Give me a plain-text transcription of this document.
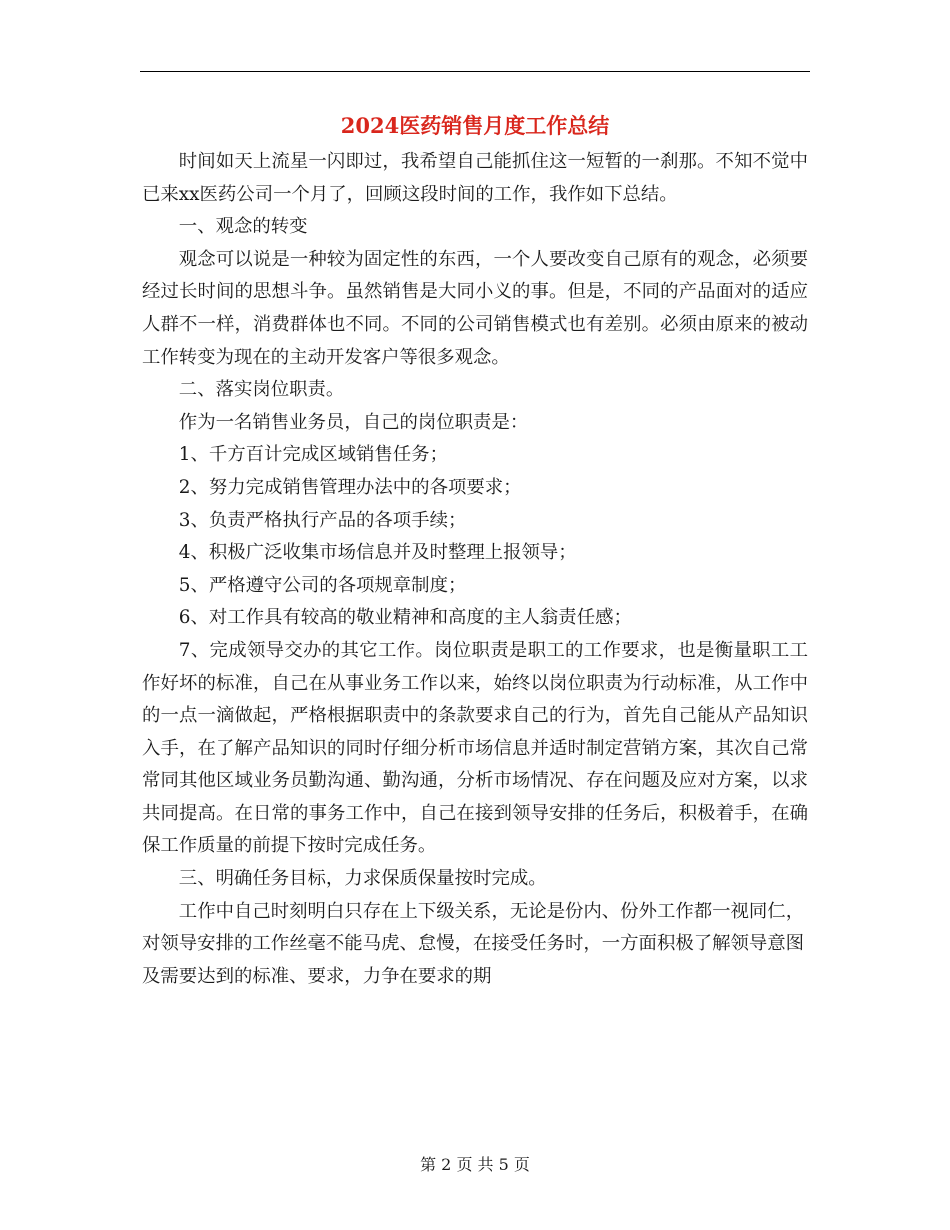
2024医药销售月度工作总结

时间如天上流星一闪即过，我希望自己能抓住这一短暂的一刹那。不知不觉中已来xx医药公司一个月了，回顾这段时间的工作，我作如下总结。

一、观念的转变

观念可以说是一种较为固定性的东西，一个人要改变自己原有的观念，必须要经过长时间的思想斗争。虽然销售是大同小义的事。但是，不同的产品面对的适应人群不一样，消费群体也不同。不同的公司销售模式也有差别。必须由原来的被动工作转变为现在的主动开发客户等很多观念。

二、落实岗位职责。

作为一名销售业务员，自己的岗位职责是：

1、千方百计完成区域销售任务；

2、努力完成销售管理办法中的各项要求；

3、负责严格执行产品的各项手续；

4、积极广泛收集市场信息并及时整理上报领导；

5、严格遵守公司的各项规章制度；

6、对工作具有较高的敬业精神和高度的主人翁责任感；

7、完成领导交办的其它工作。岗位职责是职工的工作要求，也是衡量职工工作好坏的标准，自己在从事业务工作以来，始终以岗位职责为行动标准，从工作中的一点一滴做起，严格根据职责中的条款要求自己的行为，首先自己能从产品知识入手，在了解产品知识的同时仔细分析市场信息并适时制定营销方案，其次自己常常同其他区域业务员勤沟通、勤沟通，分析市场情况、存在问题及应对方案，以求共同提高。在日常的事务工作中，自己在接到领导安排的任务后，积极着手，在确保工作质量的前提下按时完成任务。

三、明确任务目标，力求保质保量按时完成。

工作中自己时刻明白只存在上下级关系，无论是份内、份外工作都一视同仁，对领导安排的工作丝毫不能马虎、怠慢，在接受任务时，一方面积极了解领导意图及需要达到的标准、要求，力争在要求的期

第 2 页 共 5 页
